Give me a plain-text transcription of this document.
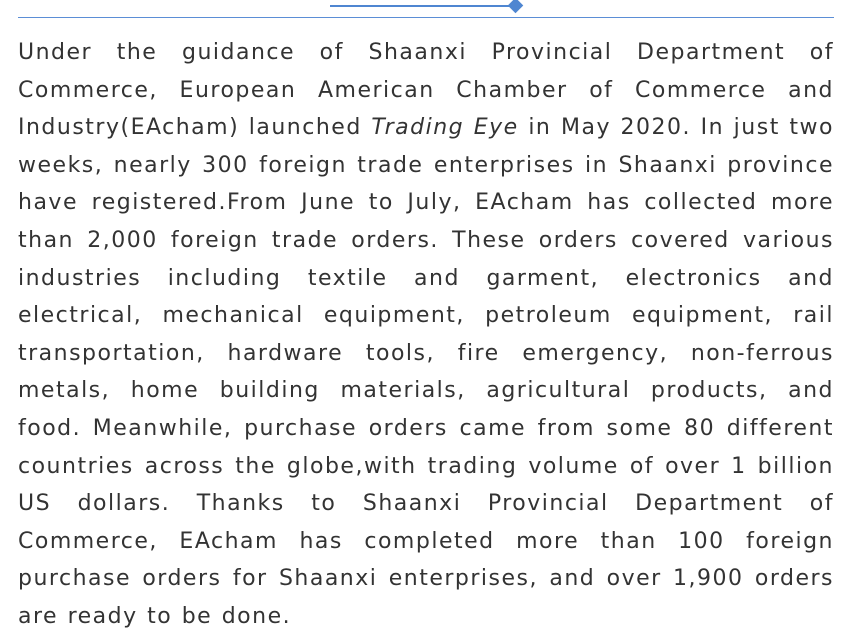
Under the guidance of Shaanxi Provincial Department of Commerce, European American Chamber of Commerce and Industry(EAcham) launched Trading Eye in May 2020. In just two weeks, nearly 300 foreign trade enterprises in Shaanxi province have registered.From June to July, EAcham has collected more than 2,000 foreign trade orders. These orders covered various industries including textile and garment, electronics and electrical, mechanical equipment, petroleum equipment, rail transportation, hardware tools, fire emergency, non-ferrous metals, home building materials, agricultural products, and food. Meanwhile, purchase orders came from some 80 different countries across the globe,with trading volume of over 1 billion US dollars. Thanks to Shaanxi Provincial Department of Commerce, EAcham has completed more than 100 foreign purchase orders for Shaanxi enterprises, and over 1,900 orders are ready to be done.
